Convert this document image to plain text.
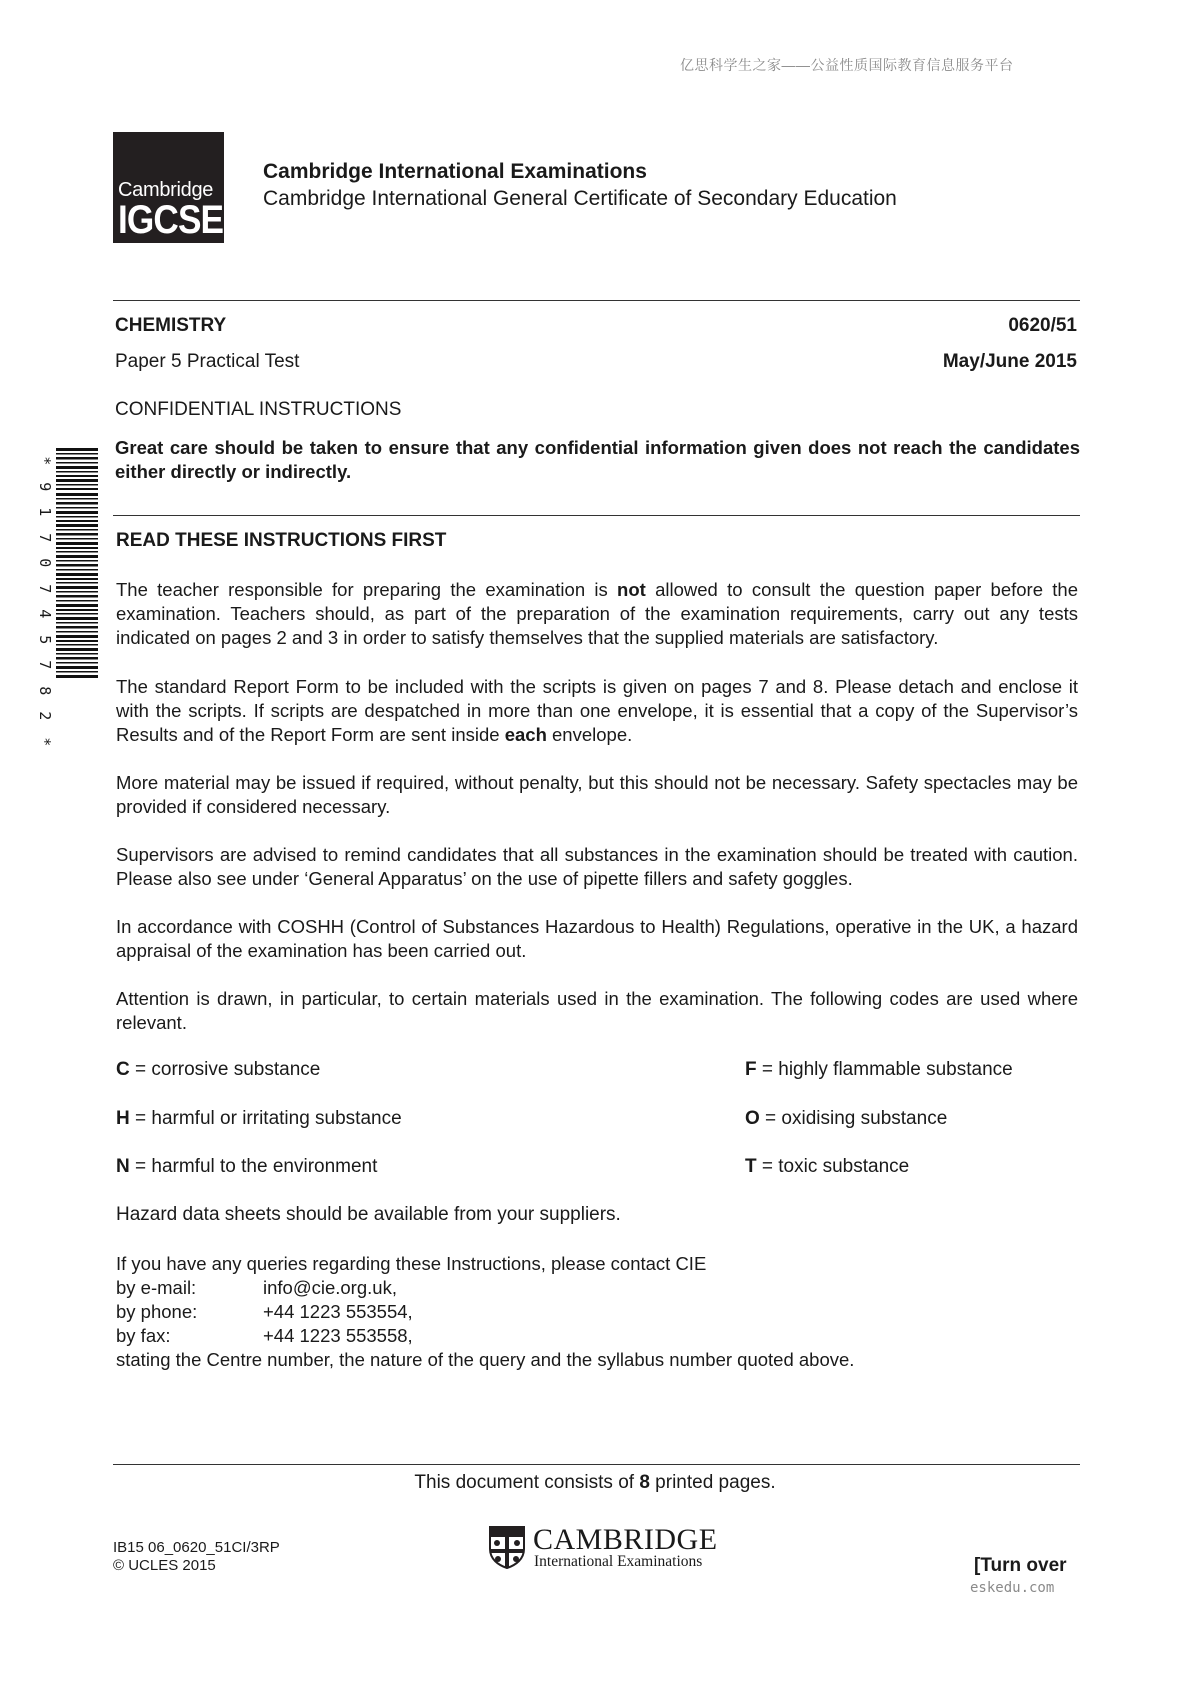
亿思科学生之家——公益性质国际教育信息服务平台
Cambridge
IGCSE
Cambridge International Examinations
Cambridge International General Certificate of Secondary Education
CHEMISTRY	0620/51
Paper 5 Practical Test	May/June 2015
CONFIDENTIAL INSTRUCTIONS
Great care should be taken to ensure that any confidential information given does not reach the candidates either directly or indirectly.
*
9
1
7
0
7
4
5
7
8
2
*
READ THESE INSTRUCTIONS FIRST
The teacher responsible for preparing the examination is not allowed to consult the question paper before the examination. Teachers should, as part of the preparation of the examination requirements, carry out any tests indicated on pages 2 and 3 in order to satisfy themselves that the supplied materials are satisfactory.
The standard Report Form to be included with the scripts is given on pages 7 and 8. Please detach and enclose it with the scripts. If scripts are despatched in more than one envelope, it is essential that a copy of the Supervisor’s Results and of the Report Form are sent inside each envelope.
More material may be issued if required, without penalty, but this should not be necessary. Safety spectacles may be provided if considered necessary.
Supervisors are advised to remind candidates that all substances in the examination should be treated with caution. Please also see under ‘General Apparatus’ on the use of pipette fillers and safety goggles.
In accordance with COSHH (Control of Substances Hazardous to Health) Regulations, operative in the UK, a hazard appraisal of the examination has been carried out.
Attention is drawn, in particular, to certain materials used in the examination. The following codes are used where relevant.
C = corrosive substance	F = highly flammable substance
H = harmful or irritating substance	O = oxidising substance
N = harmful to the environment	T = toxic substance
Hazard data sheets should be available from your suppliers.
If you have any queries regarding these Instructions, please contact CIE
by e-mail:	info@cie.org.uk,
by phone:	+44 1223 553554,
by fax:	+44 1223 553558,
stating the Centre number, the nature of the query and the syllabus number quoted above.
This document consists of 8 printed pages.
IB15 06_0620_51CI/3RP
© UCLES 2015
CAMBRIDGE
International Examinations	[Turn over
eskedu.com
